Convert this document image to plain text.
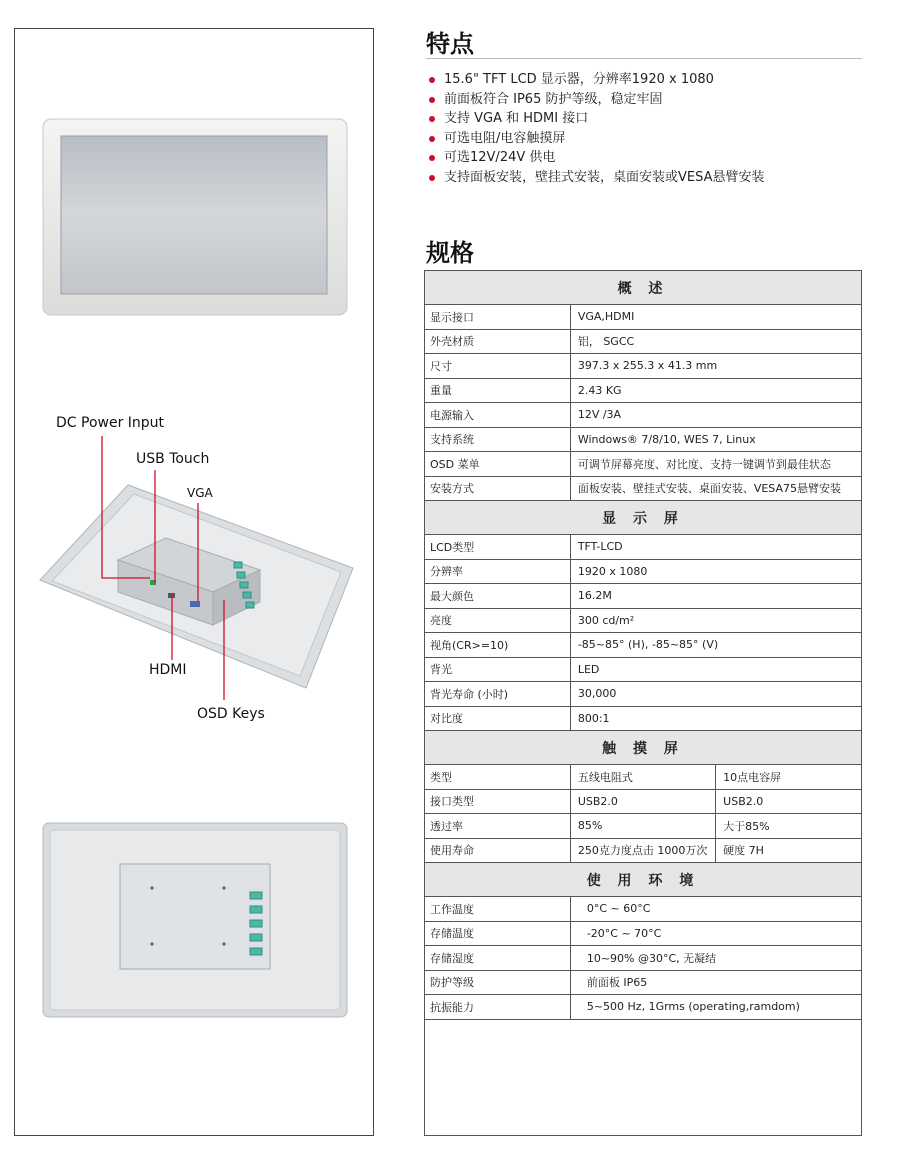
DC Power Input
USB Touch
VGA
HDMI
OSD Keys
特点
15.6" TFT LCD 显示器，分辨率1920 x 1080
前面板符合 IP65 防护等级，稳定牢固
支持 VGA 和 HDMI 接口
可选电阻/电容触摸屏
可选12V/24V 供电
支持面板安装，壁挂式安装，桌面安装或VESA悬臂安装
规格
概 述		
显示接口	VGA,HDMI	
外壳材质	铝， SGCC	
尺寸	397.3 x 255.3 x 41.3 mm	
重量	2.43 KG	
电源输入	12V /3A	
支持系统	Windows® 7/8/10, WES 7, Linux	
OSD 菜单	可调节屏幕亮度、对比度、支持一键调节到最佳状态	
安装方式	面板安装、壁挂式安装、桌面安装、VESA75悬臂安装	
显 示 屏		
LCD类型	TFT-LCD	
分辨率	1920 x 1080	
最大颜色	16.2M	
亮度	300 cd/m²	
视角(CR>=10)	-85~85° (H), -85~85° (V)	
背光	LED	
背光寿命 (小时)	30,000	
对比度	800:1	
触 摸 屏		
类型	五线电阻式	10点电容屏
接口类型	USB2.0	USB2.0
透过率	85%	大于85%
使用寿命	250克力度点击 1000万次	硬度 7H
使 用 环 境		
工作温度	0°C ~ 60°C	
存储温度	-20°C ~ 70°C	
存储湿度	10~90% @30°C, 无凝结	
防护等级	前面板 IP65	
抗振能力	5~500 Hz, 1Grms (operating,ramdom)	
